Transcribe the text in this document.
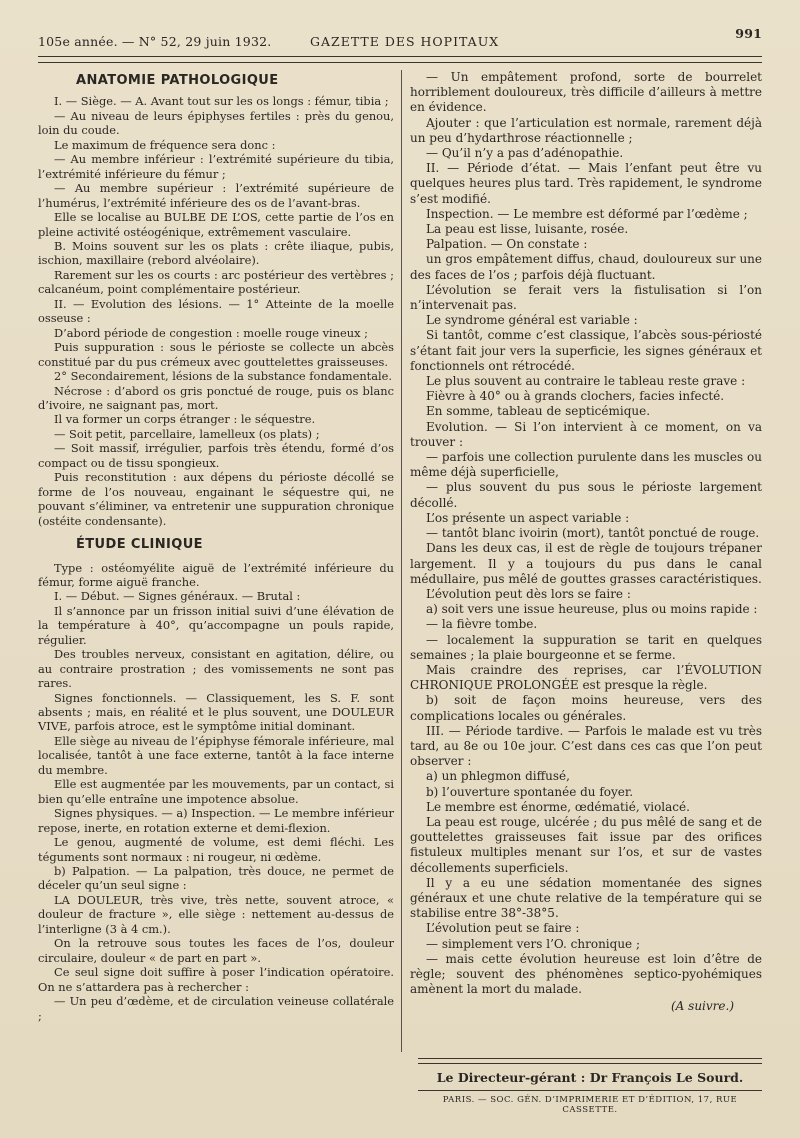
105e année. — N° 52, 29 juin 1932.	GAZETTE DES HOPITAUX
991
ANATOMIE PATHOLOGIQUE

I. — Siège. — A. Avant tout sur les os longs : fémur, tibia ;

— Au niveau de leurs épiphyses fertiles : près du genou, loin du coude.

Le maximum de fréquence sera donc :

— Au membre inférieur : l’extrémité supérieure du tibia, l’extrémité inférieure du fémur ;

— Au membre supérieur : l’extrémité supérieure de l’humérus, l’extrémité inférieure des os de l’avant-bras.

Elle se localise au BULBE DE L’OS, cette partie de l’os en pleine activité ostéogénique, extrêmement vasculaire.

B. Moins souvent sur les os plats : crête iliaque, pubis, ischion, maxillaire (rebord alvéolaire).

Rarement sur les os courts : arc postérieur des vertèbres ; calcanéum, point complémentaire postérieur.

II. — Evolution des lésions. — 1° Atteinte de la moelle osseuse :

D’abord période de congestion : moelle rouge vineux ;

Puis suppuration : sous le périoste se collecte un abcès constitué par du pus crémeux avec gouttelettes graisseuses.

2° Secondairement, lésions de la substance fondamentale.

Nécrose : d’abord os gris ponctué de rouge, puis os blanc d’ivoire, ne saignant pas, mort.

Il va former un corps étranger : le séquestre.

— Soit petit, parcellaire, lamelleux (os plats) ;

— Soit massif, irrégulier, parfois très étendu, formé d’os compact ou de tissu spongieux.

Puis reconstitution : aux dépens du périoste décollé se forme de l’os nouveau, engainant le séquestre qui, ne pouvant s’éliminer, va entretenir une suppuration chronique (ostéite condensante).

ÉTUDE CLINIQUE

Type : ostéomyélite aiguë de l’extrémité inférieure du fémur, forme aiguë franche.

I. — Début. — Signes généraux. — Brutal :

Il s’annonce par un frisson initial suivi d’une élévation de la température à 40°, qu’accompagne un pouls rapide, régulier.

Des troubles nerveux, consistant en agitation, délire, ou au contraire prostration ; des vomissements ne sont pas rares.

Signes fonctionnels. — Classiquement, les S. F. sont absents ; mais, en réalité et le plus souvent, une DOULEUR VIVE, parfois atroce, est le symptôme initial dominant.

Elle siège au niveau de l’épiphyse fémorale inférieure, mal localisée, tantôt à une face externe, tantôt à la face interne du membre.

Elle est augmentée par les mouvements, par un contact, si bien qu’elle entraîne une impotence absolue.

Signes physiques. — a) Inspection. — Le membre inférieur repose, inerte, en rotation externe et demi-flexion.

Le genou, augmenté de volume, est demi fléchi. Les téguments sont normaux : ni rougeur, ni œdème.

b) Palpation. — La palpation, très douce, ne permet de déceler qu’un seul signe :

LA DOULEUR, très vive, très nette, souvent atroce, « douleur de fracture », elle siège : nettement au-dessus de l’interligne (3 à 4 cm.).

On la retrouve sous toutes les faces de l’os, douleur circulaire, douleur « de part en part ».

Ce seul signe doit suffire à poser l’indication opératoire. On ne s’attardera pas à rechercher :

— Un peu d’œdème, et de circulation veineuse collatérale ;

— Un empâtement profond, sorte de bourrelet horriblement douloureux, très difficile d’ailleurs à mettre en évidence.

Ajouter : que l’articulation est normale, rarement déjà un peu d’hydarthrose réactionnelle ;

— Qu’il n’y a pas d’adénopathie.

II. — Période d’état. — Mais l’enfant peut être vu quelques heures plus tard. Très rapidement, le syndrome s’est modifié.

Inspection. — Le membre est déformé par l’œdème ;

La peau est lisse, luisante, rosée.

Palpation. — On constate :

un gros empâtement diffus, chaud, douloureux sur une des faces de l’os ; parfois déjà fluctuant.

L’évolution se ferait vers la fistulisation si l’on n’intervenait pas.

Le syndrome général est variable :

Si tantôt, comme c’est classique, l’abcès sous-périosté s’étant fait jour vers la superficie, les signes généraux et fonctionnels ont rétrocédé.

Le plus souvent au contraire le tableau reste grave :

Fièvre à 40° ou à grands clochers, facies infecté.

En somme, tableau de septicémique.

Evolution. — Si l’on intervient à ce moment, on va trouver :

— parfois une collection purulente dans les muscles ou même déjà superficielle,

— plus souvent du pus sous le périoste largement décollé.

L’os présente un aspect variable :

— tantôt blanc ivoirin (mort), tantôt ponctué de rouge.

Dans les deux cas, il est de règle de toujours trépaner largement. Il y a toujours du pus dans le canal médullaire, pus mêlé de gouttes grasses caractéristiques.

L’évolution peut dès lors se faire :

a) soit vers une issue heureuse, plus ou moins rapide :

— la fièvre tombe.

— localement la suppuration se tarit en quelques semaines ; la plaie bourgeonne et se ferme.

Mais craindre des reprises, car l’ÉVOLUTION CHRONIQUE PROLONGÉE est presque la règle.

b) soit de façon moins heureuse, vers des complications locales ou générales.

III. — Période tardive. — Parfois le malade est vu très tard, au 8e ou 10e jour. C’est dans ces cas que l’on peut observer :

a) un phlegmon diffusé,

b) l’ouverture spontanée du foyer.

Le membre est énorme, œdématié, violacé.

La peau est rouge, ulcérée ; du pus mêlé de sang et de gouttelettes graisseuses fait issue par des orifices fistuleux multiples menant sur l’os, et sur de vastes décollements superficiels.

Il y a eu une sédation momentanée des signes généraux et une chute relative de la température qui se stabilise entre 38°-38°5.

L’évolution peut se faire :

— simplement vers l’O. chronique ;

— mais cette évolution heureuse est loin d’être de règle; souvent des phénomènes septico-pyohémiques amènent la mort du malade.

(A suivre.)

Le Directeur-gérant : Dr François Le Sourd.
PARIS. — SOC. GÉN. D’IMPRIMERIE ET D’ÉDITION, 17, RUE CASSETTE.
